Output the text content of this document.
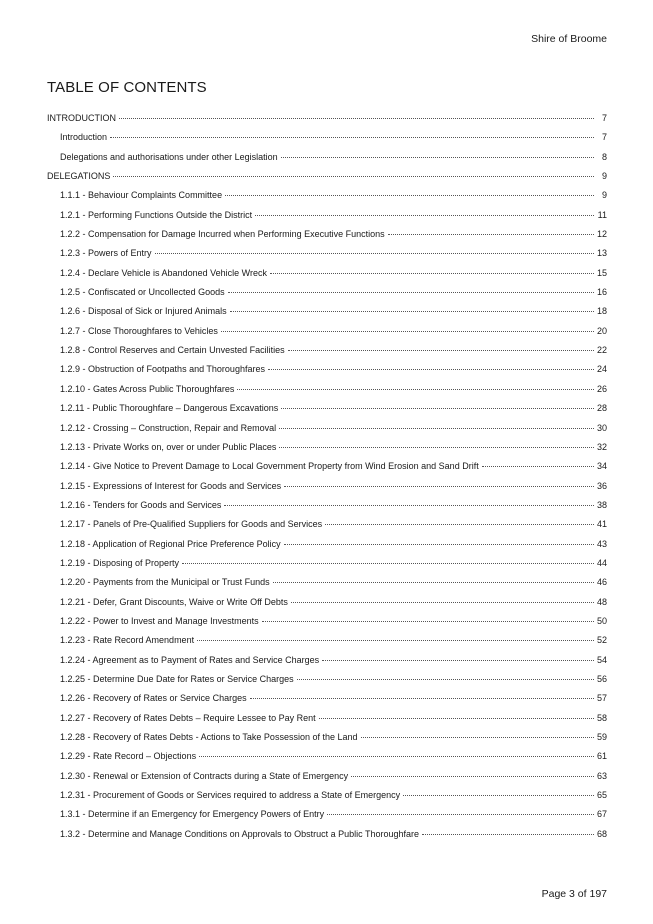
Shire of Broome
TABLE OF CONTENTS
INTRODUCTION	7
Introduction	7
Delegations and authorisations under other Legislation	8
DELEGATIONS	9
1.1.1 - Behaviour Complaints Committee	9
1.2.1 - Performing Functions Outside the District	11
1.2.2 - Compensation for Damage Incurred when Performing Executive Functions	12
1.2.3 - Powers of Entry	13
1.2.4 - Declare Vehicle is Abandoned Vehicle Wreck	15
1.2.5 - Confiscated or Uncollected Goods	16
1.2.6 - Disposal of Sick or Injured Animals	18
1.2.7 - Close Thoroughfares to Vehicles	20
1.2.8 - Control Reserves and Certain Unvested Facilities	22
1.2.9 - Obstruction of Footpaths and Thoroughfares	24
1.2.10 - Gates Across Public Thoroughfares	26
1.2.11 - Public Thoroughfare – Dangerous Excavations	28
1.2.12 - Crossing – Construction, Repair and Removal	30
1.2.13 - Private Works on, over or under Public Places	32
1.2.14 - Give Notice to Prevent Damage to Local Government Property from Wind Erosion and Sand Drift	34
1.2.15 - Expressions of Interest for Goods and Services	36
1.2.16 - Tenders for Goods and Services	38
1.2.17 - Panels of Pre-Qualified Suppliers for Goods and Services	41
1.2.18 - Application of Regional Price Preference Policy	43
1.2.19 - Disposing of Property	44
1.2.20 - Payments from the Municipal or Trust Funds	46
1.2.21 - Defer, Grant Discounts, Waive or Write Off Debts	48
1.2.22 - Power to Invest and Manage Investments	50
1.2.23 - Rate Record Amendment	52
1.2.24 - Agreement as to Payment of Rates and Service Charges	54
1.2.25 - Determine Due Date for Rates or Service Charges	56
1.2.26 - Recovery of Rates or Service Charges	57
1.2.27 - Recovery of Rates Debts – Require Lessee to Pay Rent	58
1.2.28 - Recovery of Rates Debts - Actions to Take Possession of the Land	59
1.2.29 - Rate Record – Objections	61
1.2.30 - Renewal or Extension of Contracts during a State of Emergency	63
1.2.31 - Procurement of Goods or Services required to address a State of Emergency	65
1.3.1 - Determine if an Emergency for Emergency Powers of Entry	67
1.3.2 - Determine and Manage Conditions on Approvals to Obstruct a Public Thoroughfare	68
Page 3 of 197
